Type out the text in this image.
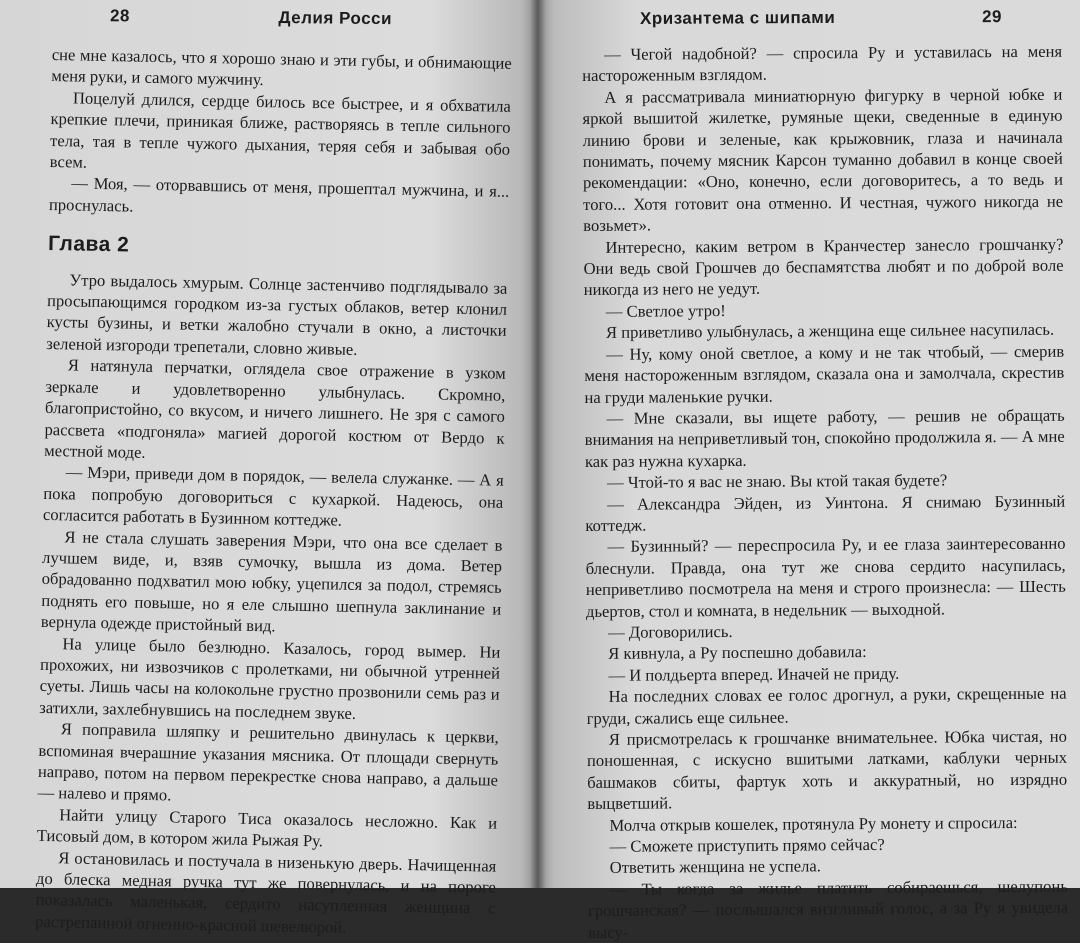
28	Делия Росси

сне мне казалось, что я хорошо знаю и эти губы, и обнимающие меня руки, и самого мужчину.

Поцелуй длился, сердце билось все быстрее, и я обхватила крепкие плечи, приникая ближе, растворяясь в тепле сильного тела, тая в тепле чужого дыхания, теряя себя и забывая обо всем.

— Моя, — оторвавшись от меня, прошептал мужчина, и я... проснулась.

Глава 2

Утро выдалось хмурым. Солнце застенчиво подглядывало за просыпающимся городком из-за густых облаков, ветер клонил кусты бузины, и ветки жалобно стучали в окно, а листочки зеленой изгороди трепетали, словно живые.

Я натянула перчатки, оглядела свое отражение в узком зеркале и удовлетворенно улыбнулась. Скромно, благопристойно, со вкусом, и ничего лишнего. Не зря с самого рассвета «подгоняла» магией дорогой костюм от Вердо к местной моде.

— Мэри, приведи дом в порядок, — велела служанке. — А я пока попробую договориться с кухаркой. Надеюсь, она согласится работать в Бузинном коттедже.

Я не стала слушать заверения Мэри, что она все сделает в лучшем виде, и, взяв сумочку, вышла из дома. Ветер обрадованно подхватил мою юбку, уцепился за подол, стремясь поднять его повыше, но я еле слышно шепнула заклинание и вернула одежде пристойный вид.

На улице было безлюдно. Казалось, город вымер. Ни прохожих, ни извозчиков с пролетками, ни обычной утренней суеты. Лишь часы на колокольне грустно прозвонили семь раз и затихли, захлебнувшись на последнем звуке.

Я поправила шляпку и решительно двинулась к церкви, вспоминая вчерашние указания мясника. От площади свернуть направо, потом на первом перекрестке снова направо, а дальше — налево и прямо.

Найти улицу Старого Тиса оказалось несложно. Как и Тисовый дом, в котором жила Рыжая Ру.

Я остановилась и постучала в низенькую дверь. Начищенная до блеска медная ручка тут же повернулась, и на пороге показалась маленькая, сердито насупленная женщина с растрепанной огненно-красной шевелюрой.

Хризантема с шипами	29

— Чегой надобной? — спросила Ру и уставилась на меня настороженным взглядом.

А я рассматривала миниатюрную фигурку в черной юбке и яркой вышитой жилетке, румяные щеки, сведенные в единую линию брови и зеленые, как крыжовник, глаза и начинала понимать, почему мясник Карсон туманно добавил в конце своей рекомендации: «Оно, конечно, если договоритесь, а то ведь и того... Хотя готовит она отменно. И честная, чужого никогда не возьмет».

Интересно, каким ветром в Кранчестер занесло грошчанку? Они ведь свой Грошчев до беспамятства любят и по доброй воле никогда из него не уедут.

— Светлое утро!

Я приветливо улыбнулась, а женщина еще сильнее насупилась.

— Ну, кому оной светлое, а кому и не так чтобый, — смерив меня настороженным взглядом, сказала она и замолчала, скрестив на груди маленькие ручки.

— Мне сказали, вы ищете работу, — решив не обращать внимания на неприветливый тон, спокойно продолжила я. — А мне как раз нужна кухарка.

— Чтой-то я вас не знаю. Вы ктой такая будете?

— Александра Эйден, из Уинтона. Я снимаю Бузинный коттедж.

— Бузинный? — переспросила Ру, и ее глаза заинтересованно блеснули. Правда, она тут же снова сердито насупилась, неприветливо посмотрела на меня и строго произнесла: — Шесть дьертов, стол и комната, в недельник — выходной.

— Договорились.

Я кивнула, а Ру поспешно добавила:

— И полдьерта вперед. Иначей не приду.

На последних словах ее голос дрогнул, а руки, скрещенные на груди, сжались еще сильнее.

Я присмотрелась к грошчанке внимательнее. Юбка чистая, но поношенная, с искусно вшитыми латками, каблуки черных башмаков сбиты, фартук хоть и аккуратный, но изрядно выцветший.

Молча открыв кошелек, протянула Ру монету и спросила:

— Сможете приступить прямо сейчас?

Ответить женщина не успела.

— Ты когда за жилье платить собираешься, шелупонь грошчанская? — послышался визгливый голос, а за Ру я увидела высу-
